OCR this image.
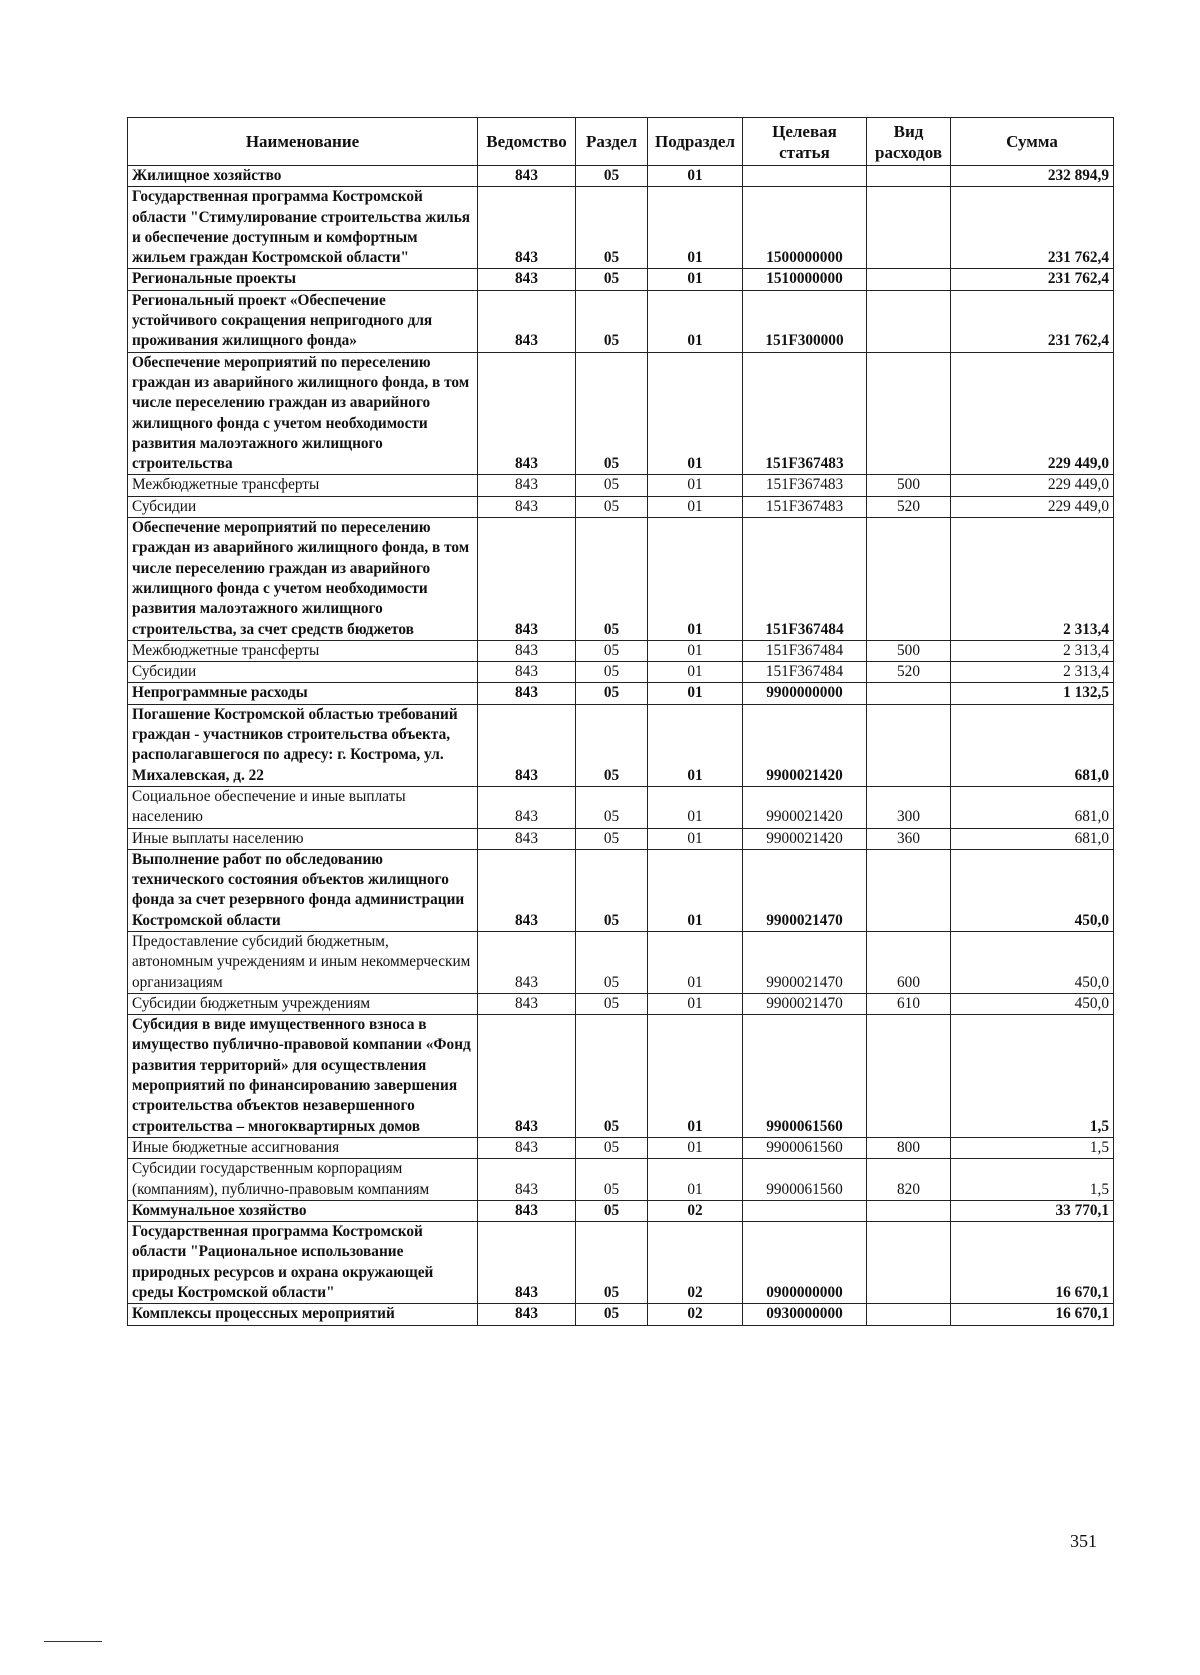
Наименование	Ведомство	Раздел	Подраздел	Целевая статья	Вид расходов	Сумма
Жилищное хозяйство	843	05	01			232 894,9
Государственная программа Костромской области "Стимулирование строительства жилья и обеспечение доступным и комфортным жильем граждан Костромской области"	843	05	01	1500000000		231 762,4
Региональные проекты	843	05	01	1510000000		231 762,4
Региональный проект «Обеспечение устойчивого сокращения непригодного для проживания жилищного фонда»	843	05	01	151F300000		231 762,4
Обеспечение мероприятий по переселению граждан из аварийного жилищного фонда, в том числе переселению граждан из аварийного жилищного фонда с учетом необходимости развития малоэтажного жилищного строительства	843	05	01	151F367483		229 449,0
Межбюджетные трансферты	843	05	01	151F367483	500	229 449,0
Субсидии	843	05	01	151F367483	520	229 449,0
Обеспечение мероприятий по переселению граждан из аварийного жилищного фонда, в том числе переселению граждан из аварийного жилищного фонда с учетом необходимости развития малоэтажного жилищного строительства, за счет средств бюджетов	843	05	01	151F367484		2 313,4
Межбюджетные трансферты	843	05	01	151F367484	500	2 313,4
Субсидии	843	05	01	151F367484	520	2 313,4
Непрограммные расходы	843	05	01	9900000000		1 132,5
Погашение Костромской областью требований граждан - участников строительства объекта, располагавшегося по адресу: г. Кострома, ул. Михалевская, д. 22	843	05	01	9900021420		681,0
Социальное обеспечение и иные выплаты населению	843	05	01	9900021420	300	681,0
Иные выплаты населению	843	05	01	9900021420	360	681,0
Выполнение работ по обследованию технического состояния объектов жилищного фонда за счет резервного фонда администрации Костромской области	843	05	01	9900021470		450,0
Предоставление субсидий бюджетным, автономным учреждениям и иным некоммерческим организациям	843	05	01	9900021470	600	450,0
Субсидии бюджетным учреждениям	843	05	01	9900021470	610	450,0
Субсидия в виде имущественного взноса в имущество публично-правовой компании «Фонд развития территорий» для осуществления мероприятий по финансированию завершения строительства объектов незавершенного строительства – многоквартирных домов	843	05	01	9900061560		1,5
Иные бюджетные ассигнования	843	05	01	9900061560	800	1,5
Субсидии государственным корпорациям (компаниям), публично-правовым компаниям	843	05	01	9900061560	820	1,5
Коммунальное хозяйство	843	05	02			33 770,1
Государственная программа Костромской области "Рациональное использование природных ресурсов и охрана окружающей среды Костромской области"	843	05	02	0900000000		16 670,1
Комплексы процессных мероприятий	843	05	02	0930000000		16 670,1
351
